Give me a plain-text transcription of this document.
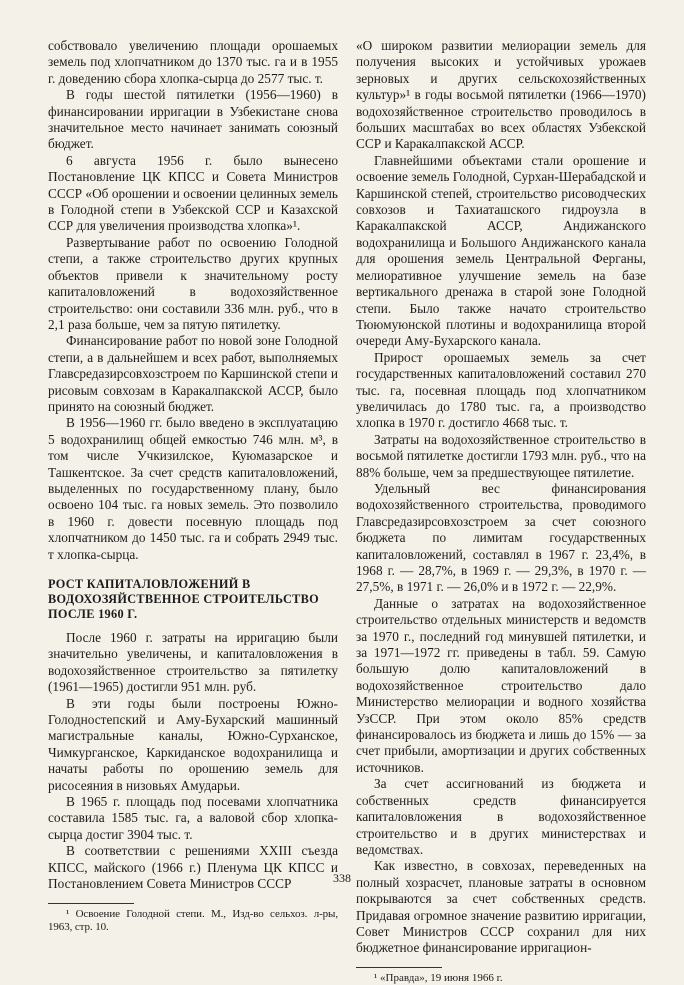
собствовало увеличению площади орошаемых земель под хлопчатником до 1370 тыс. га и в 1955 г. доведению сбора хлопка-сырца до 2577 тыс. т.

В годы шестой пятилетки (1956—1960) в финансировании ирригации в Узбекистане снова значительное место начинает занимать союзный бюджет.

6 августа 1956 г. было вынесено Постановление ЦК КПСС и Совета Министров СССР «Об орошении и освоении целинных земель в Голодной степи в Узбекской ССР и Казахской ССР для увеличения производства хлопка»¹.

Развертывание работ по освоению Голодной степи, а также строительство других крупных объектов привели к значительному росту капиталовложений в водохозяйственное строительство: они составили 336 млн. руб., что в 2,1 раза больше, чем за пятую пятилетку.

Финансирование работ по новой зоне Голодной степи, а в дальнейшем и всех работ, выполняемых Главсредазирсовхозстроем по Каршинской степи и рисовым совхозам в Каракалпакской АССР, было принято на союзный бюджет.

В 1956—1960 гг. было введено в эксплуатацию 5 водохранилищ общей емкостью 746 млн. м³, в том числе Учкизилское, Куюмазарское и Ташкентское. За счет средств капиталовложений, выделенных по государственному плану, было освоено 104 тыс. га новых земель. Это позволило в 1960 г. довести посевную площадь под хлопчатником до 1450 тыс. га и собрать 2949 тыс. т хлопка-сырца.

РОСТ КАПИТАЛОВЛОЖЕНИЙ В ВОДОХОЗЯЙСТВЕННОЕ СТРОИТЕЛЬСТВО ПОСЛЕ 1960 Г.

После 1960 г. затраты на ирригацию были значительно увеличены, и капиталовложения в водохозяйственное строительство за пятилетку (1961—1965) достигли 951 млн. руб.

В эти годы были построены Южно-Голодностепский и Аму-Бухарский машинный магистральные каналы, Южно-Сурханское, Чимкурганское, Каркиданское водохранилища и начаты работы по орошению земель для рисосеяния в низовьях Амударьи.

В 1965 г. площадь под посевами хлопчатника составила 1585 тыс. га, а валовой сбор хлопка-сырца достиг 3904 тыс. т.

В соответствии с решениями XXIII съезда КПСС, майского (1966 г.) Пленума ЦК КПСС и Постановлением Совета Министров СССР

¹ Освоение Голодной степи. М., Изд-во сельхоз. л-ры, 1963, стр. 10.

«О широком развитии мелиорации земель для получения высоких и устойчивых урожаев зерновых и других сельскохозяйственных культур»¹ в годы восьмой пятилетки (1966—1970) водохозяйственное строительство проводилось в больших масштабах во всех областях Узбекской ССР и Каракалпакской АССР.

Главнейшими объектами стали орошение и освоение земель Голодной, Сурхан-Шерабадской и Каршинской степей, строительство рисоводческих совхозов и Тахиаташского гидроузла в Каракалпакской АССР, Андижанского водохранилища и Большого Андижанского канала для орошения земель Центральной Ферганы, мелиоративное улучшение земель на базе вертикального дренажа в старой зоне Голодной степи. Было также начато строительство Тююмуюнской плотины и водохранилища второй очереди Аму-Бухарского канала.

Прирост орошаемых земель за счет государственных капиталовложений составил 270 тыс. га, посевная площадь под хлопчатником увеличилась до 1780 тыс. га, а производство хлопка в 1970 г. достигло 4668 тыс. т.

Затраты на водохозяйственное строительство в восьмой пятилетке достигли 1793 млн. руб., что на 88% больше, чем за предшествующее пятилетие.

Удельный вес финансирования водохозяйственного строительства, проводимого Главсредазирсовхозстроем за счет союзного бюджета по лимитам государственных капиталовложений, составлял в 1967 г. 23,4%, в 1968 г. — 28,7%, в 1969 г. — 29,3%, в 1970 г. — 27,5%, в 1971 г. — 26,0% и в 1972 г. — 22,9%.

Данные о затратах на водохозяйственное строительство отдельных министерств и ведомств за 1970 г., последний год минувшей пятилетки, и за 1971—1972 гг. приведены в табл. 59. Самую большую долю капиталовложений в водохозяйственное строительство дало Министерство мелиорации и водного хозяйства УзССР. При этом около 85% средств финансировалось из бюджета и лишь до 15% — за счет прибыли, амортизации и других собственных источников.

За счет ассигнований из бюджета и собственных средств финансируется капиталовложения в водохозяйственное строительство и в других министерствах и ведомствах.

Как известно, в совхозах, переведенных на полный хозрасчет, плановые затраты в основном покрываются за счет собственных средств. Придавая огромное значение развитию ирригации, Совет Министров СССР сохранил для них бюджетное финансирование ирригацион-

¹ «Правда», 19 июня 1966 г.

338
